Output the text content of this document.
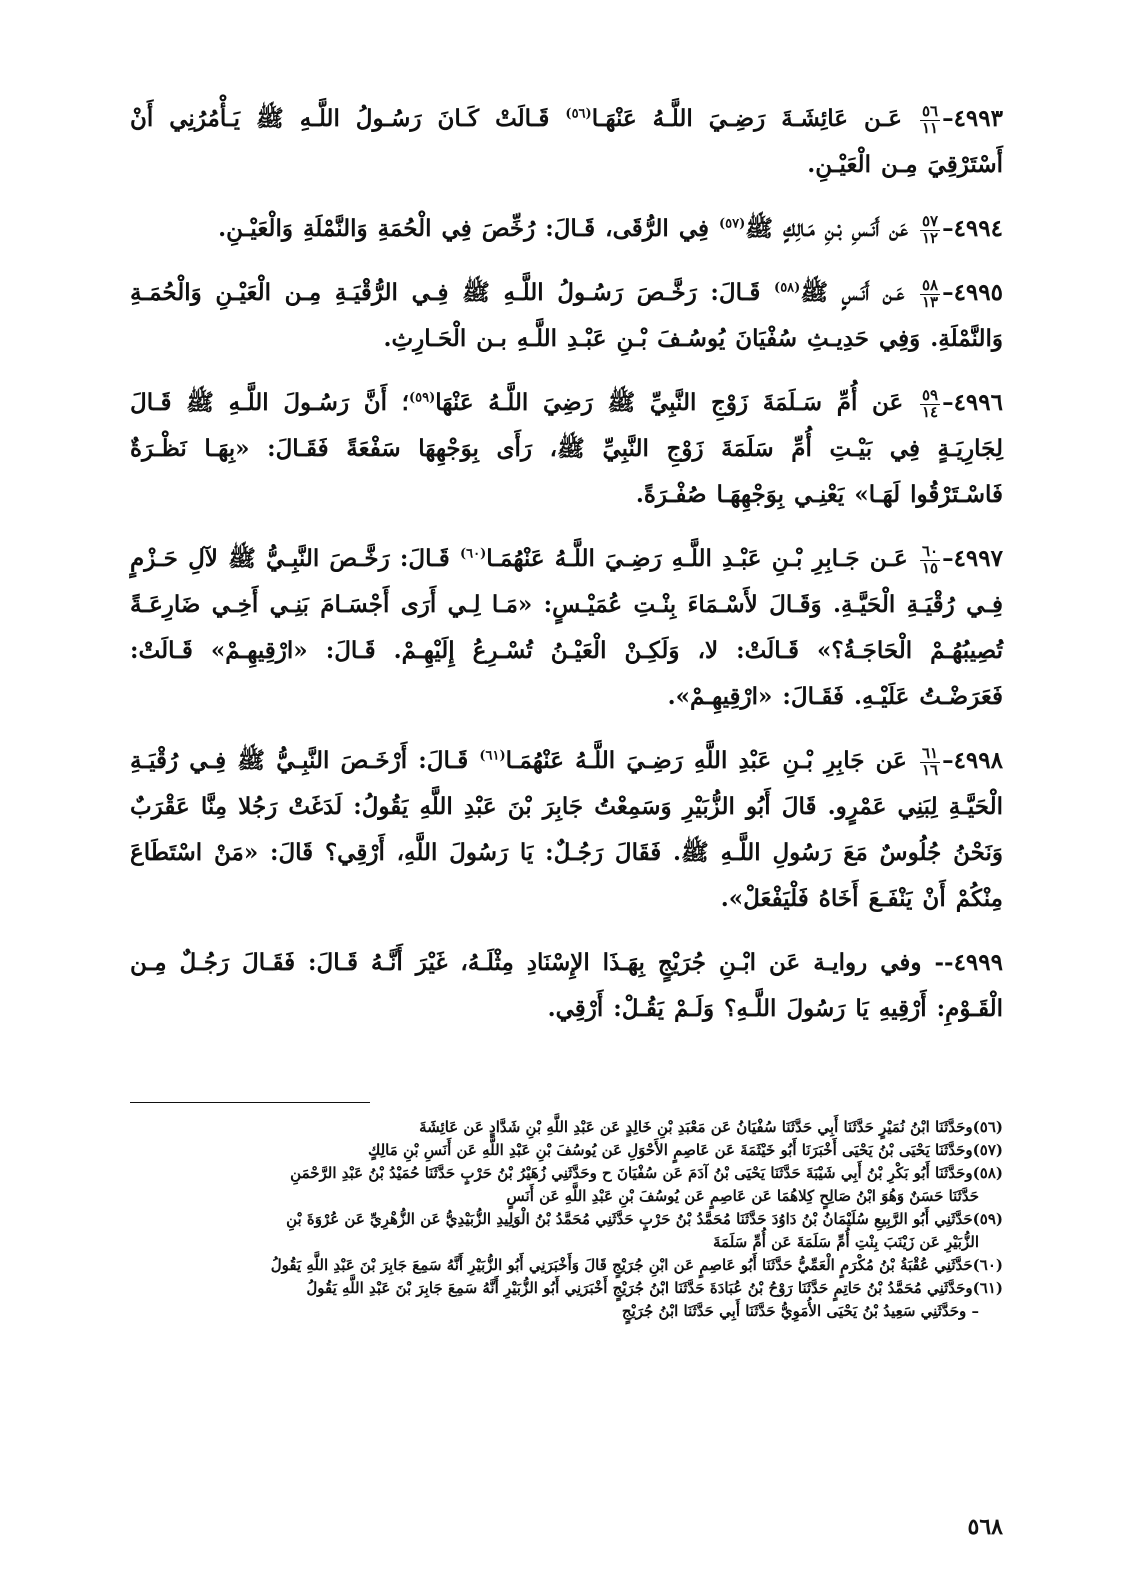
٤٩٩٣–
$\frac{٥٦}{١١}$
عَـن عَائِشَـةَ رَضِـيَ اللَّـهُ عَنْهَـا$^{(٥٦)}$ قَـالَتْ كَـانَ رَسُـولُ اللَّـهِ ﷺ يَـأْمُرُنِي أَنْ أَسْتَرْقِيَ مِـن الْعَيْـنِ.

٤٩٩٤–
$\frac{٥٧}{١٢}$
عَن أَنَـسِ بْـنِ مَـالِكٍ ﷺ$^{(٥٧)}$ فِي الرُّقَى، قَـالَ: رُخِّصَ فِي الْحُمَةِ وَالنَّمْلَةِ وَالْعَيْـنِ.

٤٩٩٥–
$\frac{٥٨}{١٣}$
عَـن أَنَـسٍ ﷺ$^{(٥٨)}$ قَـالَ: رَخَّـصَ رَسُـولُ اللَّـهِ ﷺ فِـي الرُّقْيَـةِ مِـن الْعَيْـنِ وَالْحُمَـةِ وَالنَّمْلَةِ. وَفِي حَدِيـثِ سُفْيَانَ يُوسُـفَ بْـنِ عَبْـدِ اللَّـهِ بـن الْحَـارِثِ.

٤٩٩٦–
$\frac{٥٩}{١٤}$
عَن أُمِّ سَـلَمَةَ زَوْجِ النَّبِيِّ ﷺ رَضِيَ اللَّـهُ عَنْهَا$^{(٥٩)}$؛ أَنَّ رَسُـولَ اللَّـهِ ﷺ قَـالَ لِجَارِيَـةٍ فِي بَيْـتِ أُمِّ سَلَمَةَ زَوْجِ النَّبِيِّ ﷺ، رَأَى بِوَجْهِهَا سَفْعَةً فَقَـالَ: «بِهَـا نَظْـرَةٌ فَاسْـتَرْقُوا لَهَـا» يَعْنِـي بِوَجْهِهَـا صُفْـرَةً.

٤٩٩٧–
$\frac{٦٠}{١٥}$
عَـن جَـابِرِ بْـنِ عَبْـدِ اللَّـهِ رَضِـيَ اللَّـهُ عَنْهُمَـا$^{(٦٠)}$ قَـالَ: رَخَّـصَ النَّبِـيُّ ﷺ لآلِ حَـزْمٍ فِـي رُقْيَـةِ الْحَيَّـةِ. وَقَـالَ لأَسْـمَاءَ بِنْـتِ عُمَيْـسٍ: «مَـا لِـي أَرَى أَجْسَـامَ بَنِـي أَخِـي ضَارِعَـةً تُصِيبُهُـمْ الْحَاجَـةُ؟» قَـالَتْ: لا، وَلَكِـنْ الْعَيْـنُ تُسْـرِعُ إِلَيْهِـمْ. قَـالَ: «ارْقِيهِـمْ» قَـالَتْ: فَعَرَضْـتُ عَلَيْـهِ. فَقَـالَ: «ارْقِيهِـمْ».

٤٩٩٨–
$\frac{٦١}{١٦}$
عَن جَابِرِ بْـنِ عَبْدِ اللَّهِ رَضِـيَ اللَّـهُ عَنْهُمَـا$^{(٦١)}$ قَـالَ: أَرْخَـصَ النَّبِـيُّ ﷺ فِـي رُقْيَـةِ الْحَيَّـةِ لِبَنِي عَمْرٍو. قَالَ أَبُو الزُّبَيْرِ وَسَمِعْتُ جَابِرَ بْنَ عَبْدِ اللَّهِ يَقُولُ: لَدَغَتْ رَجُلا مِنَّا عَقْرَبٌ وَنَحْنُ جُلُوسٌ مَعَ رَسُولِ اللَّـهِ ﷺ. فَقَالَ رَجُـلٌ: يَا رَسُولَ اللَّهِ، أَرْقِي؟ قَالَ: «مَنْ اسْتَطَاعَ مِنْكُمْ أَنْ يَنْفَـعَ أَخَاهُ فَلْيَفْعَلْ».

٤٩٩٩-- وفي روايـة عَن ابْـنِ جُرَيْجٍ بِهَـذَا الإِسْنَادِ مِثْلَـهُ، غَيْرَ أَنَّـهُ قَـالَ: فَقَـالَ رَجُـلٌ مِـن الْقَـوْمِ: أَرْقِيهِ يَا رَسُولَ اللَّـهِ؟ وَلَـمْ يَقُـلْ: أَرْقِي.

(٥٦)وحَدَّثَنَا ابْنُ نُمَيْرٍ حَدَّثَنَا أَبِي حَدَّثَنَا سُفْيَانُ عَن مَعْبَدِ بْنِ خَالِدٍ عَن عَبْدِ اللَّهِ بْنِ شَدَّادٍ عَن عَائِشَةَ

(٥٧)وحَدَّثَنَا يَحْيَى بْنُ يَحْيَى أَخْبَرَنَا أَبُو خَيْثَمَةَ عَن عَاصِمٍ الأَحْوَلِ عَن يُوسُفَ بْنِ عَبْدِ اللَّهِ عَن أَنَسِ بْنِ مَالِكٍ

(٥٨)وحَدَّثَنَا أَبُو بَكْرِ بْنُ أَبِي شَيْبَةَ حَدَّثَنَا يَحْيَى بْنُ آدَمَ عَن سُفْيَانَ ح وحَدَّثَنِي زُهَيْرُ بْنُ حَرْبٍ حَدَّثَنَا حُمَيْدُ بْنُ عَبْدِ الرَّحْمَنِ

حَدَّثَنَا حَسَنٌ وَهُوَ ابْنُ صَالِحٍ كِلاهُمَا عَن عَاصِمٍ عَن يُوسُفَ بْنِ عَبْدِ اللَّهِ عَن أَنَسٍ

(٥٩)حَدَّثَنِي أَبُو الرَّبِيعِ سُلَيْمَانُ بْنُ دَاوُدَ حَدَّثَنَا مُحَمَّدُ بْنُ حَرْبٍ حَدَّثَنِي مُحَمَّدُ بْنُ الْوَلِيدِ الزُّبَيْدِيُّ عَن الزُّهْرِيِّ عَن عُرْوَةَ بْنِ

الزُّبَيْرِ عَن زَيْنَبَ بِنْتِ أُمِّ سَلَمَةَ عَن أُمِّ سَلَمَةَ

(٦٠)حَدَّثَنِي عُقْبَةُ بْنُ مُكْرَمٍ الْعَمِّيُّ حَدَّثَنَا أَبُو عَاصِمٍ عَن ابْنِ جُرَيْجٍ قَالَ وَأَخْبَرَنِي أَبُو الزُّبَيْرِ أَنَّهُ سَمِعَ جَابِرَ بْنَ عَبْدِ اللَّهِ يَقُولُ

(٦١)وحَدَّثَنِي مُحَمَّدُ بْنُ حَاتِمٍ حَدَّثَنَا رَوْحُ بْنُ عُبَادَةَ حَدَّثَنَا ابْنُ جُرَيْجٍ أَخْبَرَنِي أَبُو الزُّبَيْرِ أَنَّهُ سَمِعَ جَابِرَ بْنَ عَبْدِ اللَّهِ يَقُولُ

– وحَدَّثَنِي سَعِيدُ بْنُ يَحْيَى الأُمَوِيُّ حَدَّثَنَا أَبِي حَدَّثَنَا ابْنُ جُرَيْجٍ

٥٦٨
